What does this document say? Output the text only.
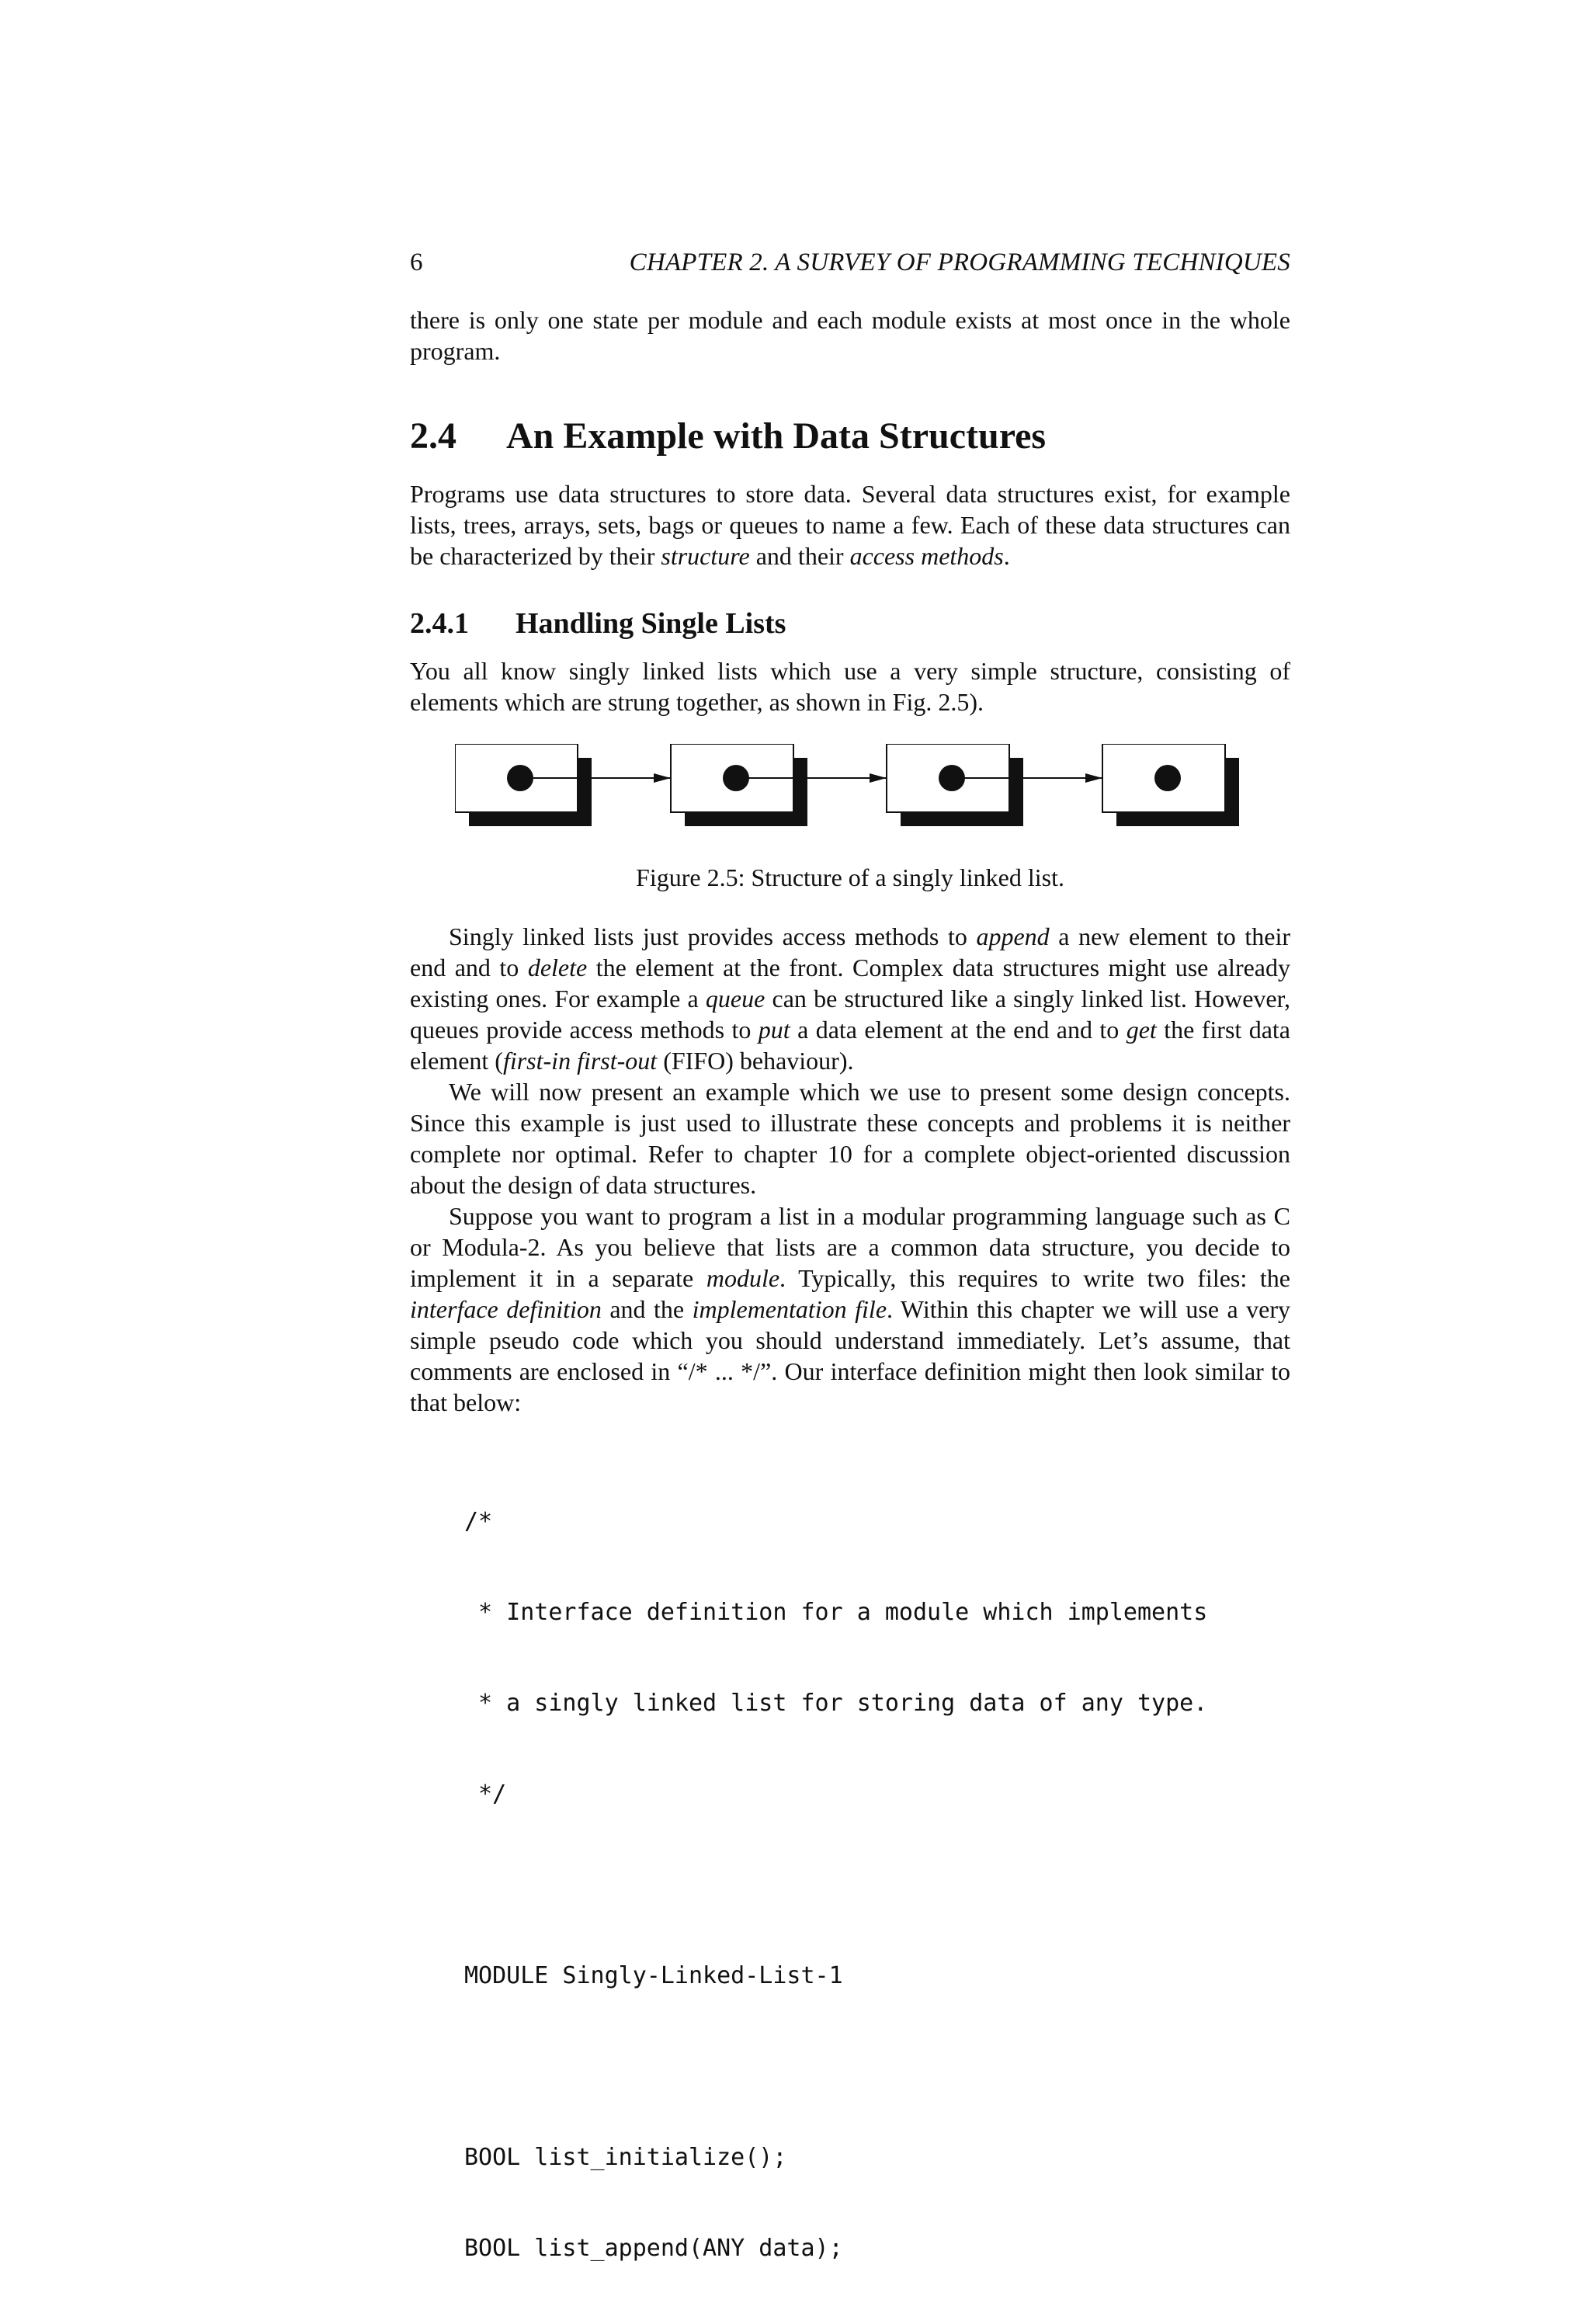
6	CHAPTER 2. A SURVEY OF PROGRAMMING TECHNIQUES

there is only one state per module and each module exists at most once in the whole program.

2.4 An Example with Data Structures

Programs use data structures to store data. Several data structures exist, for example lists, trees, arrays, sets, bags or queues to name a few. Each of these data structures can be characterized by their structure and their access methods.

2.4.1 Handling Single Lists

You all know singly linked lists which use a very simple structure, consisting of elements which are strung together, as shown in Fig. 2.5).

Figure 2.5: Structure of a singly linked list.

Singly linked lists just provides access methods to append a new element to their end and to delete the element at the front. Complex data structures might use already existing ones. For example a queue can be structured like a singly linked list. However, queues provide access methods to put a data element at the end and to get the first data element (first-in first-out (FIFO) behaviour).

We will now present an example which we use to present some design concepts. Since this example is just used to illustrate these concepts and problems it is neither complete nor optimal. Refer to chapter 10 for a complete object-oriented discussion about the design of data structures.

Suppose you want to program a list in a modular programming language such as C or Modula-2. As you believe that lists are a common data structure, you decide to implement it in a separate module. Typically, this requires to write two files: the interface definition and the implementation file. Within this chapter we will use a very simple pseudo code which you should understand immediately. Let’s assume, that comments are enclosed in “/* ... */”. Our interface definition might then look similar to that below:

/*

* Interface definition for a module which implements

* a singly linked list for storing data of any type.

*/

MODULE Singly-Linked-List-1

BOOL list_initialize();

BOOL list_append(ANY data);
